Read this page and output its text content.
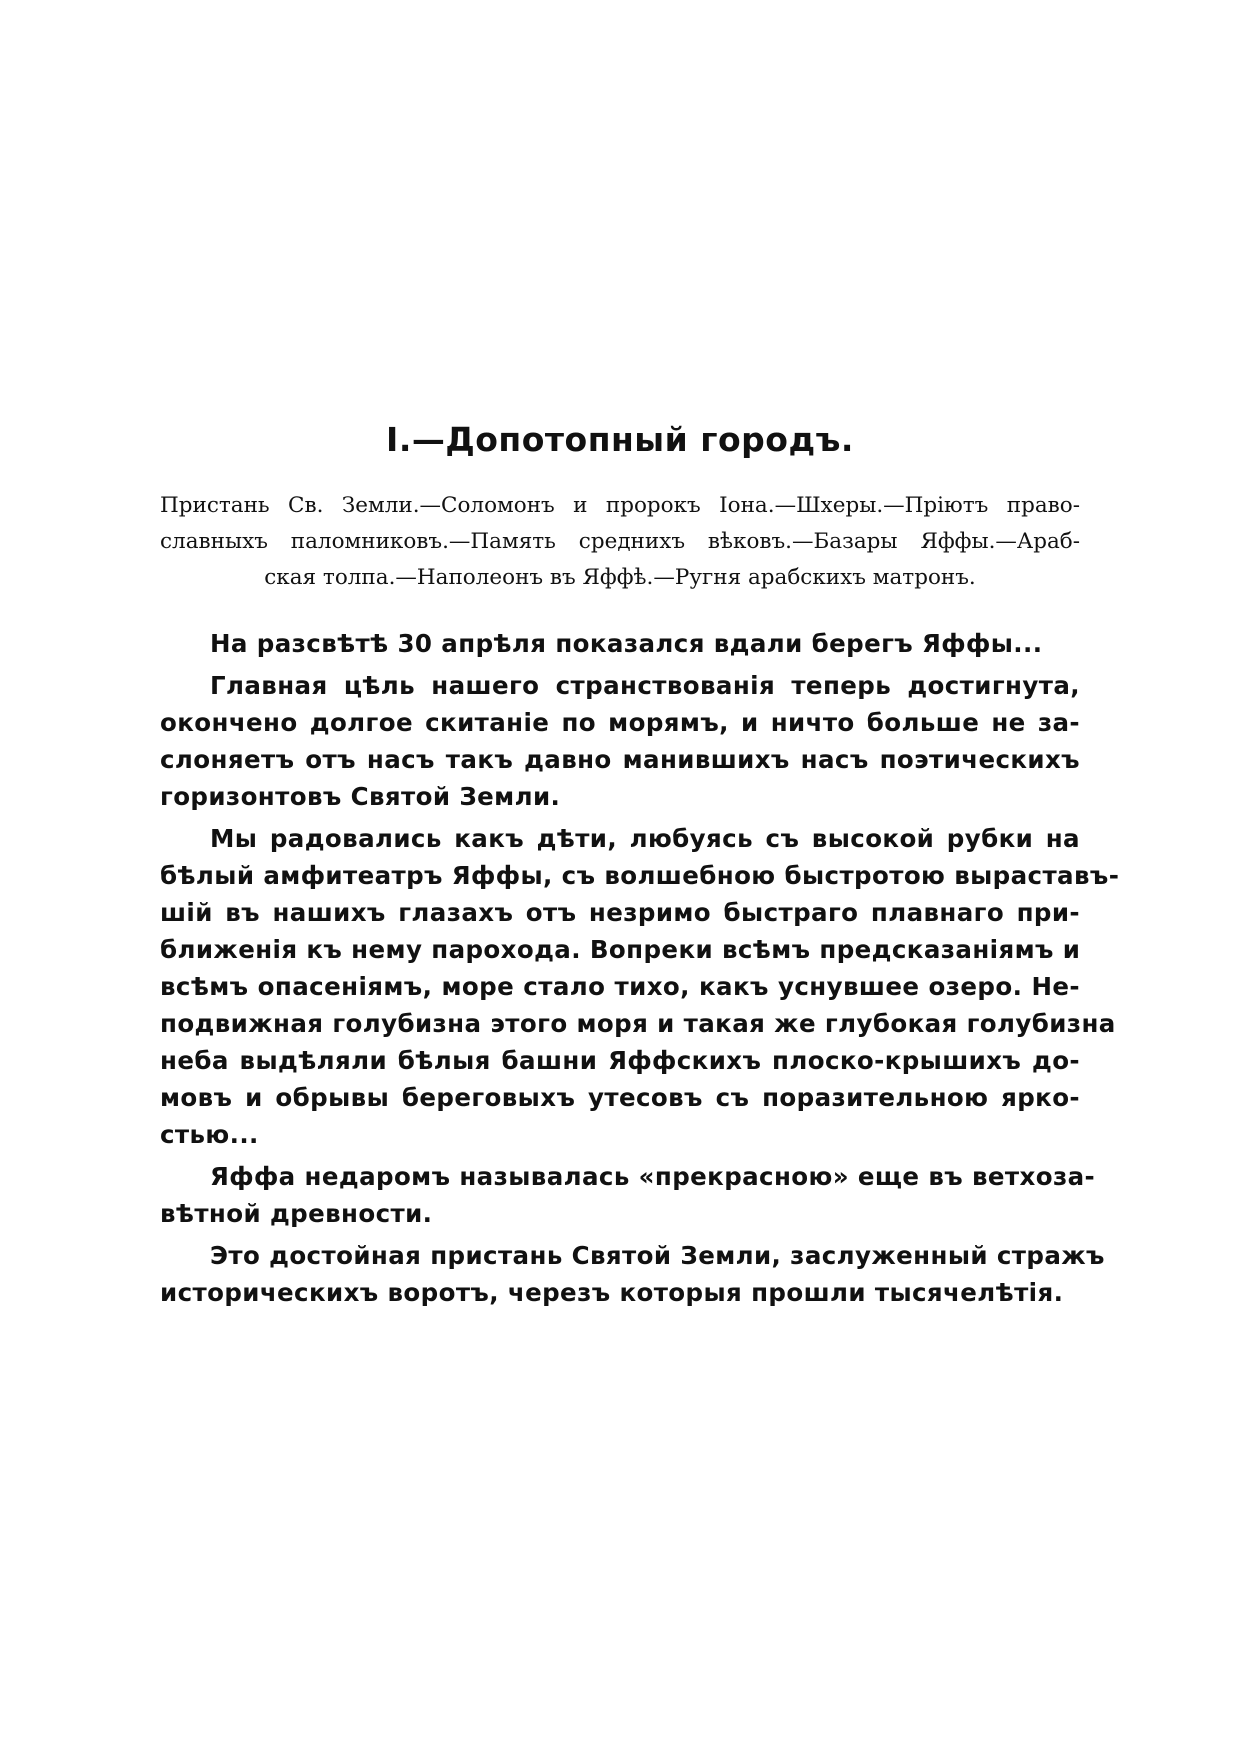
I.—Допотопный городъ.
Пристань Св. Земли.—Соломонъ и пророкъ Iона.—Шхеры.—Прiютъ право-
славныхъ паломниковъ.—Память среднихъ вѣковъ.—Базары Яффы.—Араб-
ская толпа.—Наполеонъ въ Яффѣ.—Ругня арабскихъ матронъ.
На разсвѣтѣ 30 апрѣля показался вдали берегъ Яффы...
Главная цѣль нашего странствованiя теперь достигнута,
окончено долгое скитанiе по морямъ, и ничто больше не за-
слоняетъ отъ насъ такъ давно манившихъ насъ поэтическихъ
горизонтовъ Святой Земли.
Мы радовались какъ дѣти, любуясь съ высокой рубки на
бѣлый амфитеатръ Яффы, съ волшебною быстротою выраставъ-
шiй въ нашихъ глазахъ отъ незримо быстраго плавнаго при-
ближенiя къ нему парохода. Вопреки всѣмъ предсказанiямъ и
всѣмъ опасенiямъ, море стало тихо, какъ уснувшее озеро. Не-
подвижная голубизна этого моря и такая же глубокая голубизна
неба выдѣляли бѣлыя башни Яффскихъ плоско-крышихъ до-
мовъ и обрывы береговыхъ утесовъ съ поразительною ярко-
стью...
Яффа недаромъ называлась «прекрасною» еще въ ветхоза-
вѣтной древности.
Это достойная пристань Святой Земли, заслуженный стражъ
историческихъ воротъ, черезъ которыя прошли тысячелѣтiя.
